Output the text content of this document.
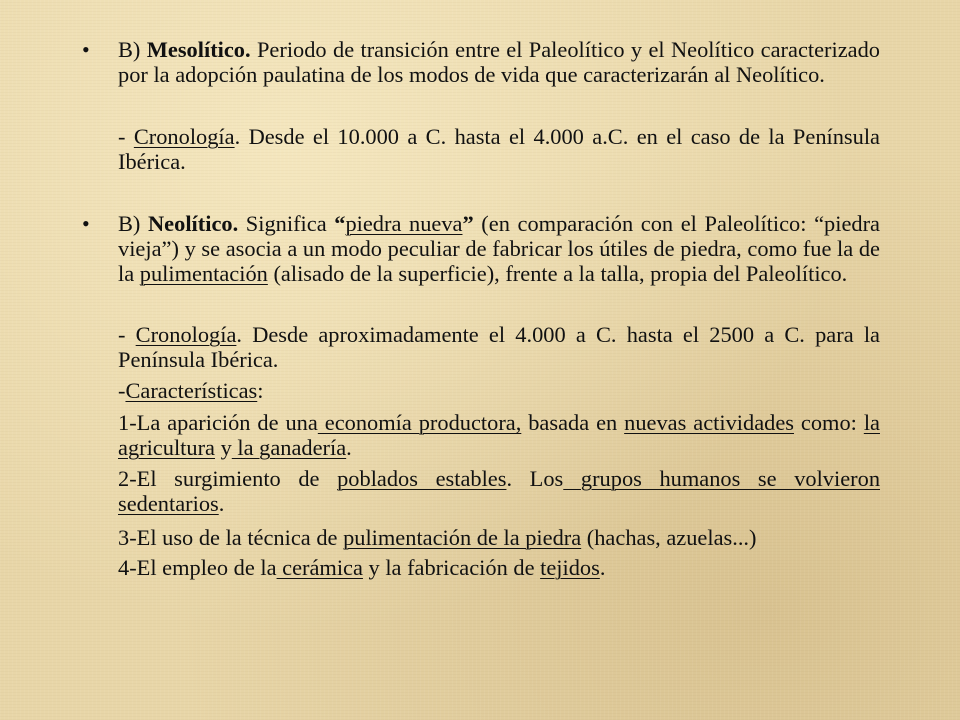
• B) Mesolítico. Periodo de transición entre el Paleolítico y el Neolítico caracterizado por la adopción paulatina de los modos de vida que caracterizarán al Neolítico.
- Cronología. Desde el 10.000 a C. hasta el 4.000 a.C. en el caso de la Península Ibérica.
• B) Neolítico. Significa “piedra nueva” (en comparación con el Paleolítico: “piedra vieja”) y se asocia a un modo peculiar de fabricar los útiles de piedra, como fue la de la pulimentación (alisado de la superficie), frente a la talla, propia del Paleolítico.
- Cronología. Desde aproximadamente el 4.000 a C. hasta el 2500 a C. para la Península Ibérica.
-Características:
1-La aparición de una economía productora, basada en nuevas actividades como: la agricultura y la ganadería.
2-El surgimiento de poblados estables. Los grupos humanos se volvieron sedentarios.
3-El uso de la técnica de pulimentación de la piedra (hachas, azuelas...)
4-El empleo de la cerámica y la fabricación de tejidos.
